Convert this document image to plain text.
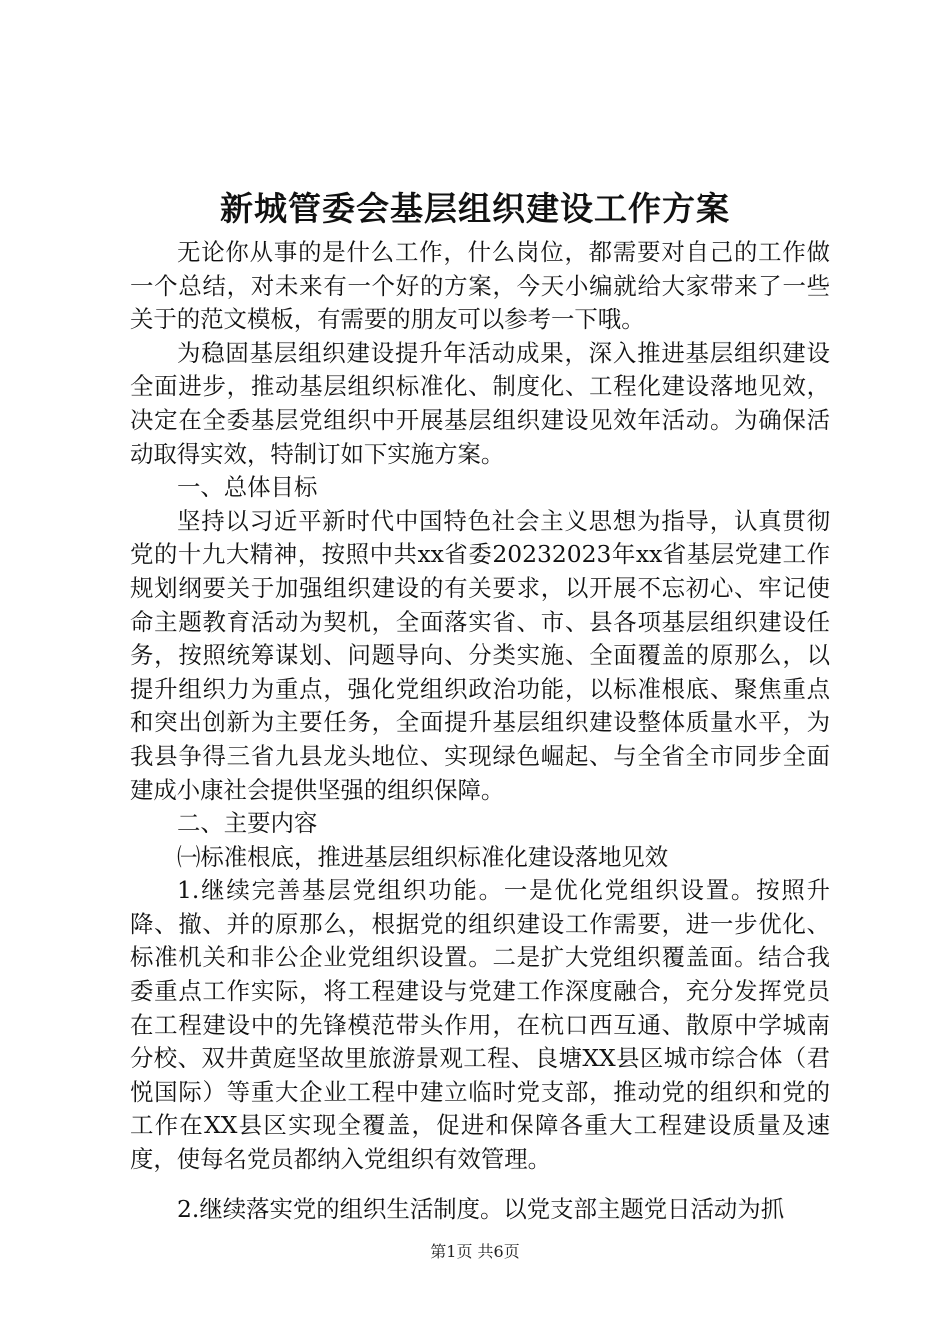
新城管委会基层组织建设工作方案

无论你从事的是什么工作，什么岗位，都需要对自己的工作做一个总结，对未来有一个好的方案，今天小编就给大家带来了一些关于的范文模板，有需要的朋友可以参考一下哦。

为稳固基层组织建设提升年活动成果，深入推进基层组织建设全面进步，推动基层组织标准化、制度化、工程化建设落地见效，决定在全委基层党组织中开展基层组织建设见效年活动。为确保活动取得实效，特制订如下实施方案。

一、总体目标

坚持以习近平新时代中国特色社会主义思想为指导，认真贯彻党的十九大精神，按照中共xx省委20232023年xx省基层党建工作规划纲要关于加强组织建设的有关要求，以开展不忘初心、牢记使命主题教育活动为契机，全面落实省、市、县各项基层组织建设任务，按照统筹谋划、问题导向、分类实施、全面覆盖的原那么，以提升组织力为重点，强化党组织政治功能，以标准根底、聚焦重点和突出创新为主要任务，全面提升基层组织建设整体质量水平，为我县争得三省九县龙头地位、实现绿色崛起、与全省全市同步全面建成小康社会提供坚强的组织保障。

二、主要内容

㈠标准根底，推进基层组织标准化建设落地见效

1.继续完善基层党组织功能。一是优化党组织设置。按照升降、撤、并的原那么，根据党的组织建设工作需要，进一步优化、标准机关和非公企业党组织设置。二是扩大党组织覆盖面。结合我委重点工作实际，将工程建设与党建工作深度融合，充分发挥党员在工程建设中的先锋模范带头作用，在杭口西互通、散原中学城南分校、双井黄庭坚故里旅游景观工程、良塘XX县区城市综合体（君悦国际）等重大企业工程中建立临时党支部，推动党的组织和党的工作在XX县区实现全覆盖，促进和保障各重大工程建设质量及速度，使每名党员都纳入党组织有效管理。

2.继续落实党的组织生活制度。以党支部主题党日活动为抓

第1页 共6页
